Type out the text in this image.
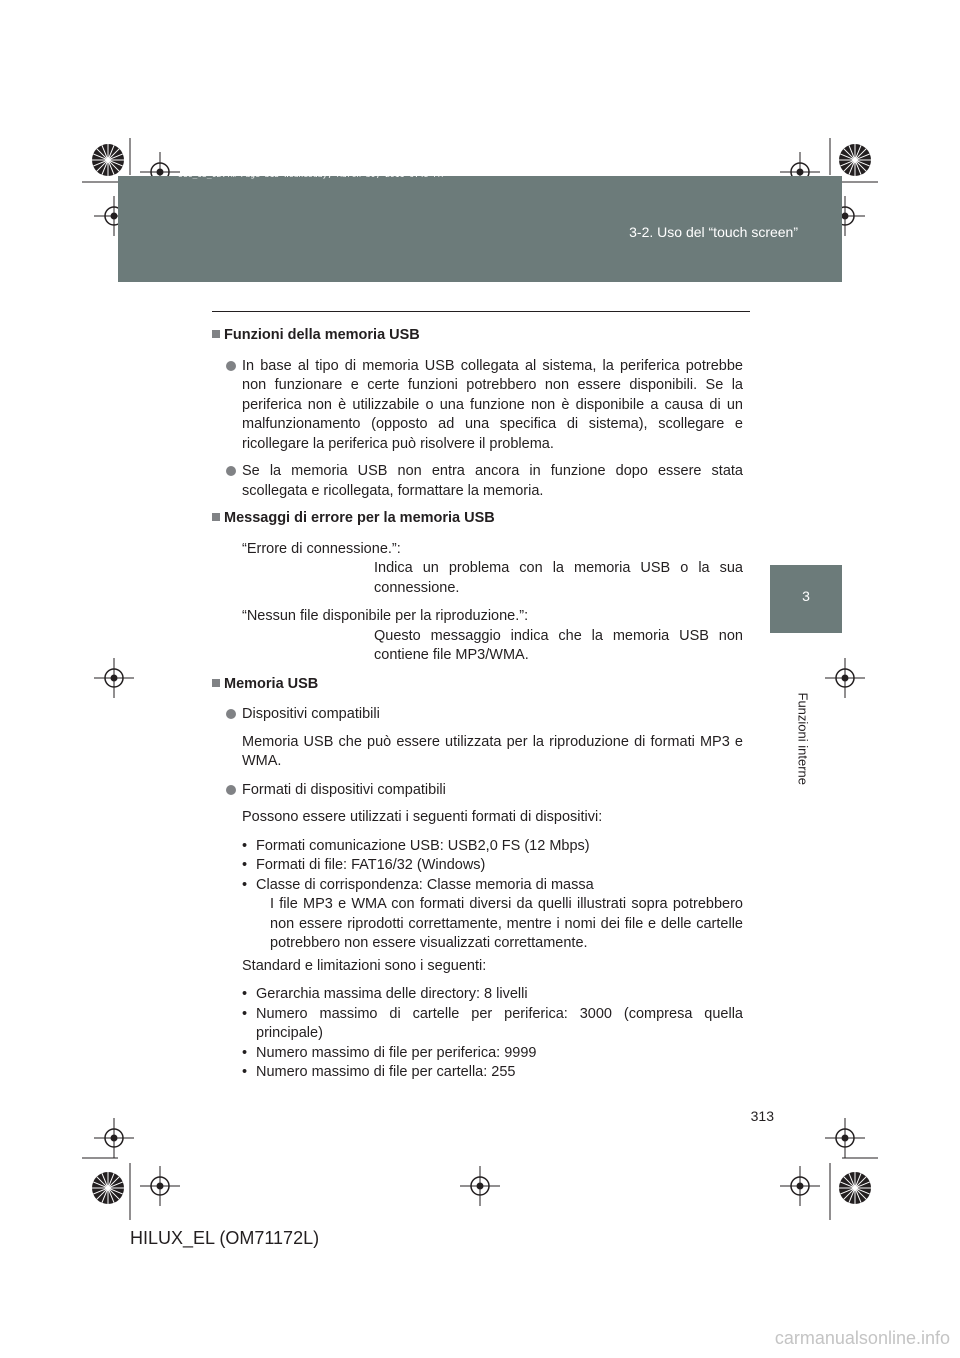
sec_03_02.fm Page 313 Wednesday, March 30, 2011 6:48 PM
3-2. Uso del “touch screen”
3
Funzioni interne
Funzioni della memoria USB
In base al tipo di memoria USB collegata al sistema, la periferica potrebbe non funzionare e certe funzioni potrebbero non essere disponibili. Se la periferica non è utilizzabile o una funzione non è disponibile a causa di un malfunzionamento (opposto ad una specifica di sistema), scollegare e ricollegare la periferica può risolvere il problema.
Se la memoria USB non entra ancora in funzione dopo essere stata scollegata e ricollegata, formattare la memoria.
Messaggi di errore per la memoria USB
“Errore di connessione.”:
Indica un problema con la memoria USB o la sua connessione.
“Nessun file disponibile per la riproduzione.”:
Questo messaggio indica che la memoria USB non contiene file MP3/WMA.
Memoria USB
Dispositivi compatibili
Memoria USB che può essere utilizzata per la riproduzione di formati MP3 e WMA.
Formati di dispositivi compatibili
Possono essere utilizzati i seguenti formati di dispositivi:
• Formati comunicazione USB: USB2,0 FS (12 Mbps)
• Formati di file: FAT16/32 (Windows)
• Classe di corrispondenza: Classe memoria di massa
I file MP3 e WMA con formati diversi da quelli illustrati sopra potrebbero non essere riprodotti correttamente, mentre i nomi dei file e delle cartelle potrebbero non essere visualizzati correttamente.
Standard e limitazioni sono i seguenti:
• Gerarchia massima delle directory: 8 livelli
• Numero massimo di cartelle per periferica: 3000 (compresa quella principale)
• Numero massimo di file per periferica: 9999
• Numero massimo di file per cartella: 255
313
HILUX_EL (OM71172L)
carmanualsonline.info
